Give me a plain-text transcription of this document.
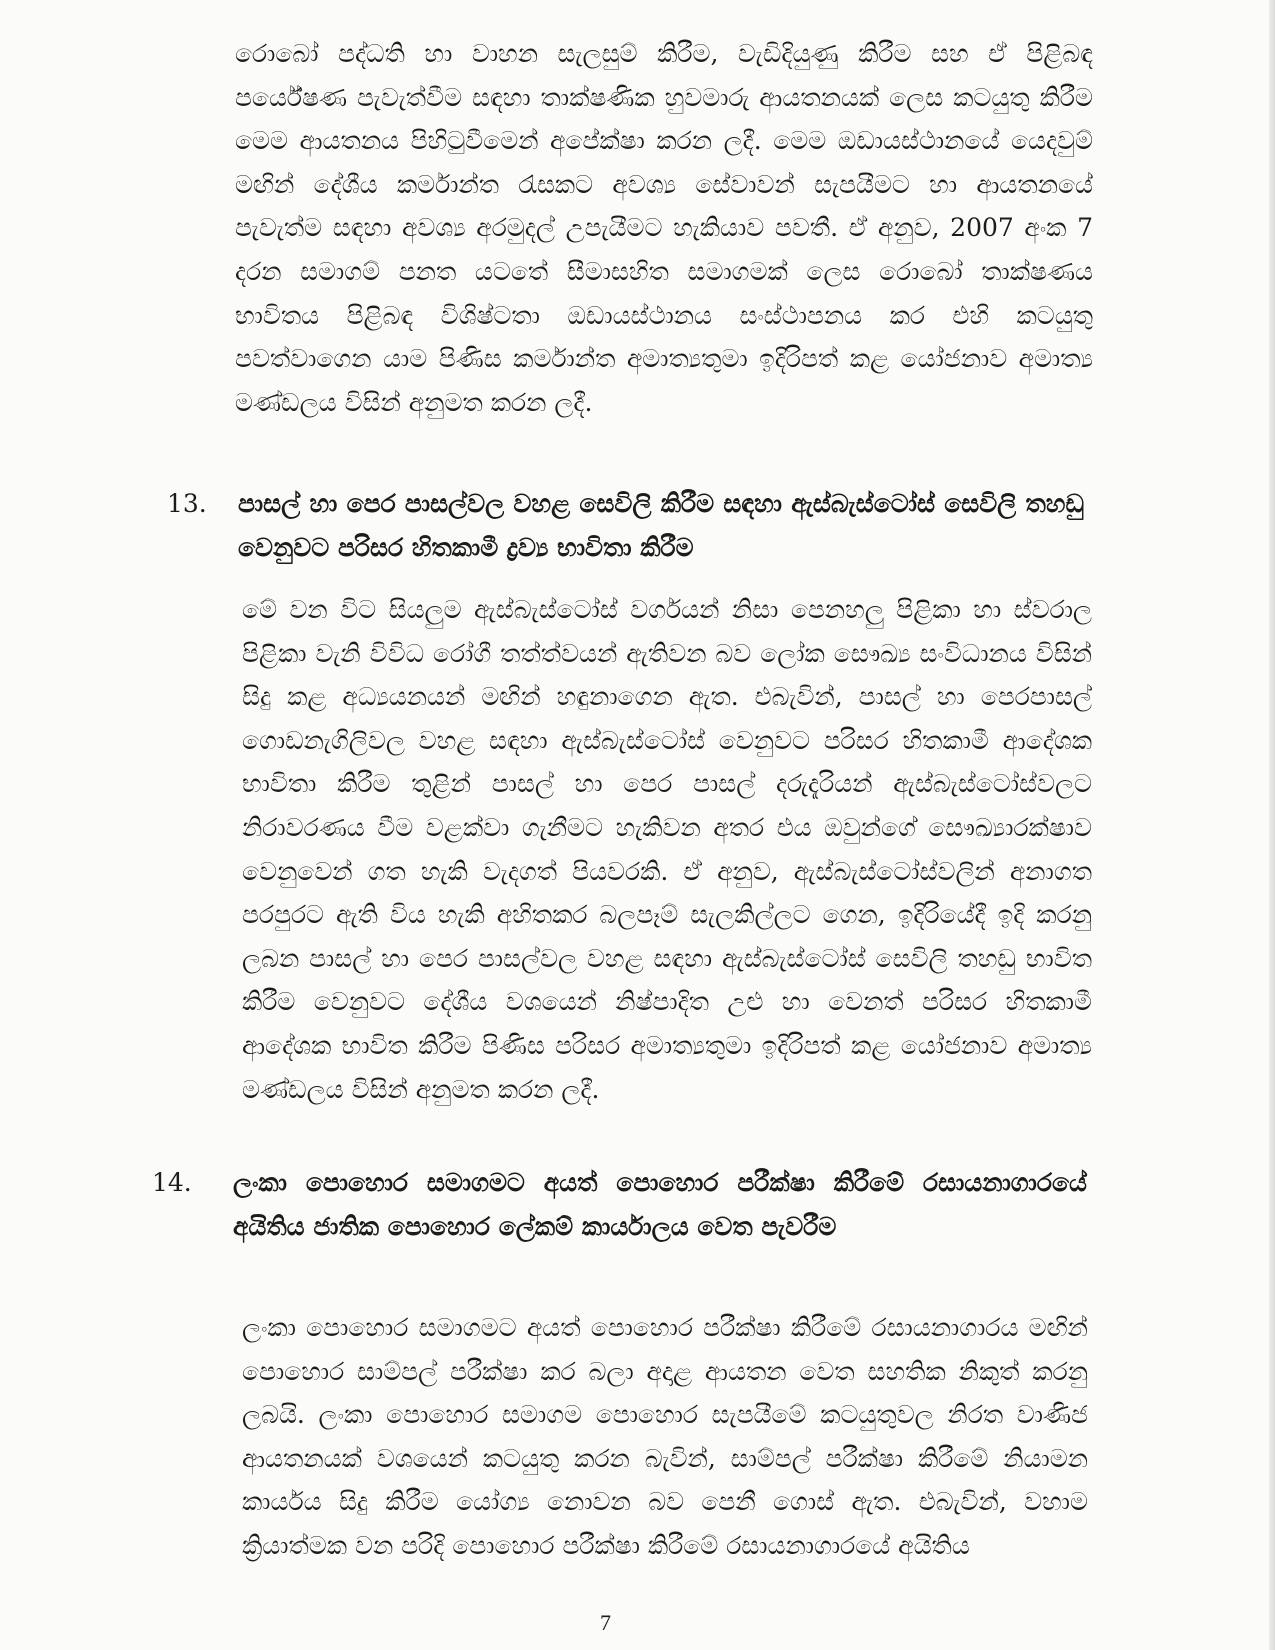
රොබෝ පද්ධති හා වාහන සැලසුම් කිරීම, වැඩිදියුණු කිරීම සහ ඒ පිළිබඳ පර්යේෂණ පැවැත්වීම සඳහා තාක්ෂණික හුවමාරු ආයතනයක් ලෙස කටයුතු කිරීම මෙම ආයතනය පිහිටුවීමෙන් අපේක්ෂා කරන ලදී. මෙම ඔඩායස්ථානයේ යෙදවුම් මඟින් දේශීය කර්මාන්ත රැසකට අවශ්‍ය සේවාවන් සැපයීමට හා ආයතනයේ පැවැත්ම සඳහා අවශ්‍ය අරමුදල් උපැයීමට හැකියාව පවතී. ඒ අනුව, 2007 අංක 7 දරන සමාගම් පනත යටතේ සීමාසහිත සමාගමක් ලෙස රොබෝ තාක්ෂණය භාවිතය පිළිබඳ විශිෂ්ටතා ඔඩායස්ථානය සංස්ථාපනය කර එහි කටයුතු පවත්වාගෙන යාම පිණිස කර්මාන්ත අමාත්‍යතුමා ඉදිරිපත් කළ යෝජනාව අමාත්‍ය මණ්ඩලය විසින් අනුමත කරන ලදී.

13.	පාසල් හා පෙර පාසල්වල වහළ සෙවිලි කිරීම සඳහා ඇස්බැස්ටෝස් සෙවිලි තහඩු වෙනුවට පරිසර හිතකාමී ද්‍රව්‍ය භාවිතා කිරීම

මේ වන විට සියලුම ඇස්බැස්ටෝස් වර්ගයන් නිසා පෙනහලු පිළිකා හා ස්වරාල පිළිකා වැනි විවිධ රෝගී තත්ත්වයන් ඇතිවන බව ලෝක සෞඛ්‍ය සංවිධානය විසින් සිදු කළ අධ්‍යයනයන් මඟින් හඳුනාගෙන ඇත. එබැවින්, පාසල් හා පෙරපාසල් ගොඩනැගිලිවල වහළ සඳහා ඇස්බැස්ටෝස් වෙනුවට පරිසර හිතකාමී ආදේශක භාවිතා කිරීම තුළින් පාසල් හා පෙර පාසල් දරුදැරියන් ඇස්බැස්ටෝස්වලට නිරාවරණය වීම වළක්වා ගැනීමට හැකිවන අතර එය ඔවුන්ගේ සෞඛ්‍යාරක්ෂාව වෙනුවෙන් ගත හැකි වැදගත් පියවරකි. ඒ අනුව, ඇස්බැස්ටෝස්වලින් අනාගත පරපුරට ඇති විය හැකි අහිතකර බලපෑම් සැලකිල්ලට ගෙන, ඉදිරියේදී ඉදි කරනු ලබන පාසල් හා පෙර පාසල්වල වහළ සඳහා ඇස්බැස්ටෝස් සෙවිලි තහඩු භාවිත කිරීම වෙනුවට දේශීය වශයෙන් නිෂ්පාදිත උළු හා වෙනත් පරිසර හිතකාමී ආදේශක භාවිත කිරීම පිණිස පරිසර අමාත්‍යතුමා ඉදිරිපත් කළ යෝජනාව අමාත්‍ය මණ්ඩලය විසින් අනුමත කරන ලදී.

14.	ලංකා පොහොර සමාගමට අයත් පොහොර පරීක්ෂා කිරීමේ රසායනාගාරයේ අයිතිය ජාතික පොහොර ලේකම් කාර්යාලය වෙත පැවරීම

ලංකා පොහොර සමාගමට අයත් පොහොර පරීක්ෂා කිරීමේ රසායනාගාරය මඟින් පොහොර සාම්පල් පරීක්ෂා කර බලා අදාළ ආයතන වෙත සහතික නිකුත් කරනු ලබයි. ලංකා පොහොර සමාගම පොහොර සැපයීමේ කටයුතුවල නිරත වාණිජ ආයතනයක් වශයෙන් කටයුතු කරන බැවින්, සාම්පල් පරීක්ෂා කිරීමේ නියාමන කාර්යය සිදු කිරීම යෝග්‍ය නොවන බව පෙනී ගොස් ඇත. එබැවින්, වහාම ක්‍රියාත්මක වන පරිදි පොහොර පරීක්ෂා කිරීමේ රසායනාගාරයේ අයිතිය

7
